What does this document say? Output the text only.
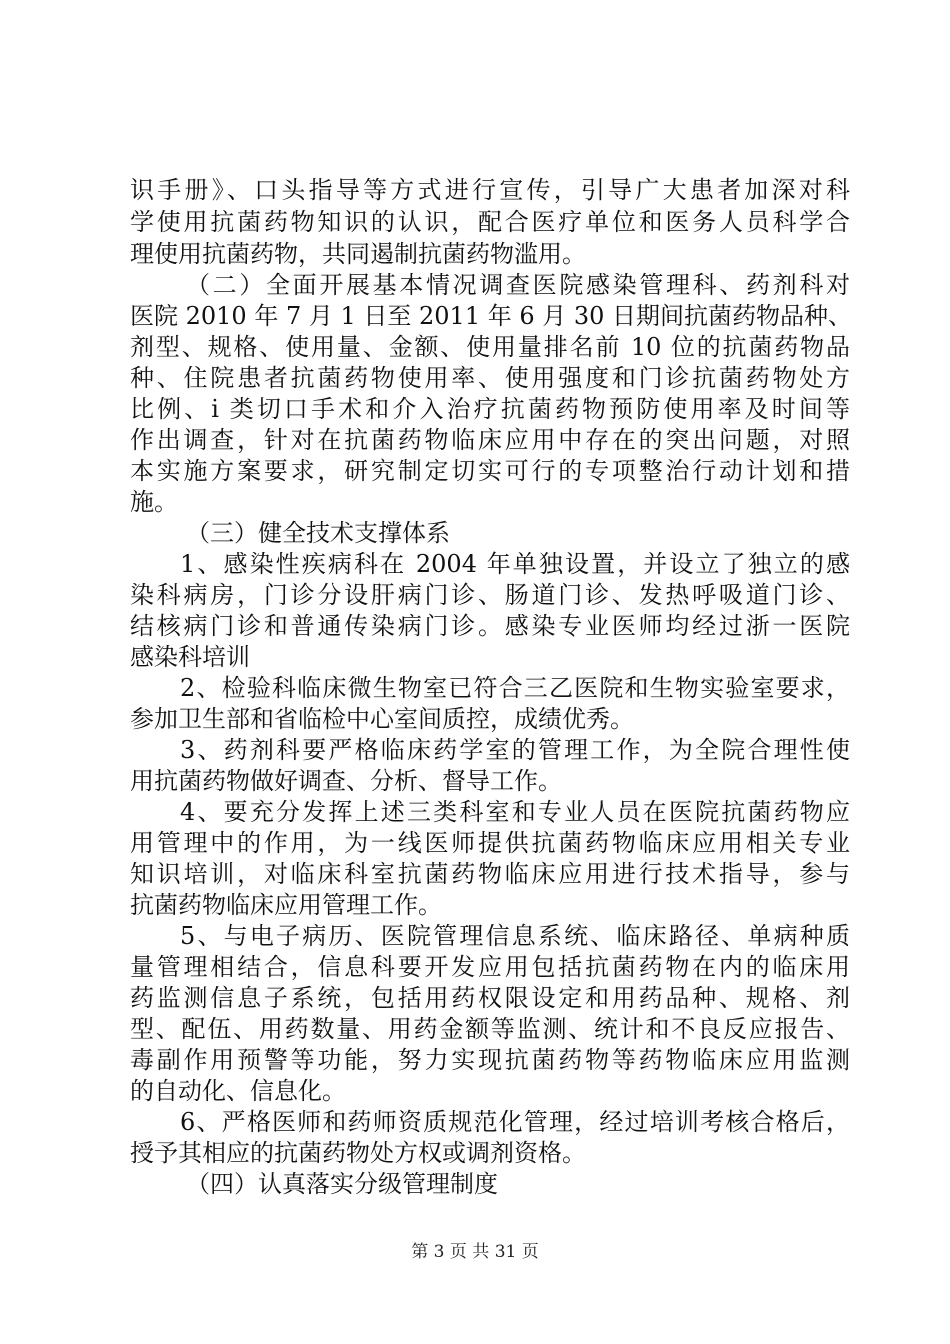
识手册》、口头指导等方式进行宣传，引导广大患者加深对科
学使用抗菌药物知识的认识，配合医疗单位和医务人员科学合
理使用抗菌药物，共同遏制抗菌药物滥用。
（二）全面开展基本情况调查医院感染管理科、药剂科对
医院 2010 年 7 月 1 日至 2011 年 6 月 30 日期间抗菌药物品种、
剂型、规格、使用量、金额、使用量排名前 10 位的抗菌药物品
种、住院患者抗菌药物使用率、使用强度和门诊抗菌药物处方
比例、i 类切口手术和介入治疗抗菌药物预防使用率及时间等
作出调查，针对在抗菌药物临床应用中存在的突出问题，对照
本实施方案要求，研究制定切实可行的专项整治行动计划和措
施。
（三）健全技术支撑体系
1、感染性疾病科在 2004 年单独设置，并设立了独立的感
染科病房，门诊分设肝病门诊、肠道门诊、发热呼吸道门诊、
结核病门诊和普通传染病门诊。感染专业医师均经过浙一医院
感染科培训
2、检验科临床微生物室已符合三乙医院和生物实验室要求，
参加卫生部和省临检中心室间质控，成绩优秀。
3、药剂科要严格临床药学室的管理工作，为全院合理性使
用抗菌药物做好调查、分析、督导工作。
4、要充分发挥上述三类科室和专业人员在医院抗菌药物应
用管理中的作用，为一线医师提供抗菌药物临床应用相关专业
知识培训，对临床科室抗菌药物临床应用进行技术指导，参与
抗菌药物临床应用管理工作。
5、与电子病历、医院管理信息系统、临床路径、单病种质
量管理相结合，信息科要开发应用包括抗菌药物在内的临床用
药监测信息子系统，包括用药权限设定和用药品种、规格、剂
型、配伍、用药数量、用药金额等监测、统计和不良反应报告、
毒副作用预警等功能，努力实现抗菌药物等药物临床应用监测
的自动化、信息化。
6、严格医师和药师资质规范化管理，经过培训考核合格后，
授予其相应的抗菌药物处方权或调剂资格。
（四）认真落实分级管理制度
第 3 页 共 31 页
